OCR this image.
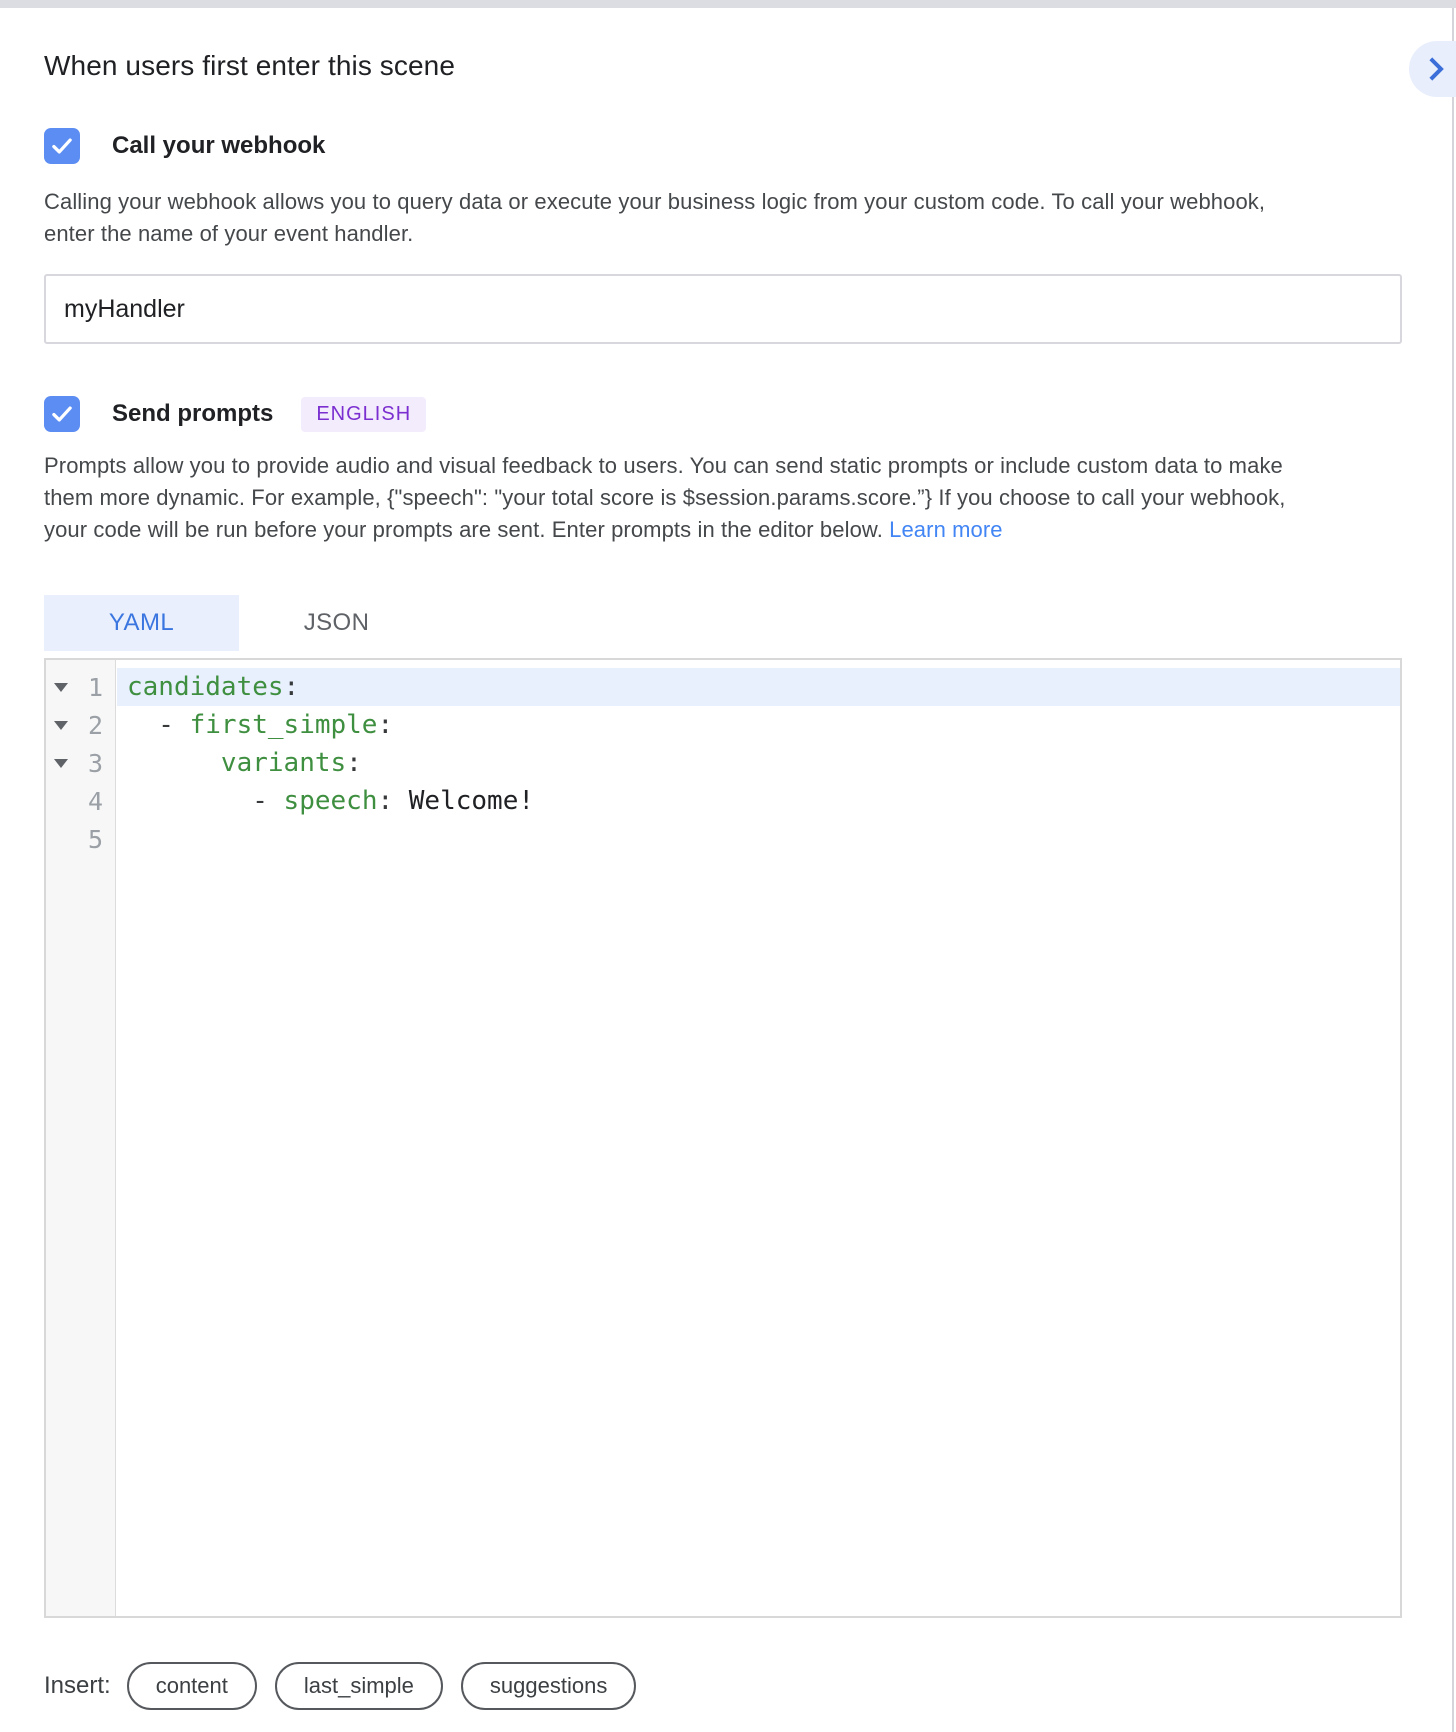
When users first enter this scene
Call your webhook
Calling your webhook allows you to query data or execute your business logic from your custom code. To call your webhook,
enter the name of your event handler.
myHandler
Send prompts	ENGLISH
Prompts allow you to provide audio and visual feedback to users. You can send static prompts or include custom data to make
them more dynamic. For example, {"speech": "your total score is $session.params.score.”} If you choose to call your webhook,
your code will be run before your prompts are sent. Enter prompts in the editor below. Learn more
YAML	JSON
1
2
3
4
5
candidates:
- first_simple:
variants:
- speech: Welcome!
Insert:	content	last_simple	suggestions
